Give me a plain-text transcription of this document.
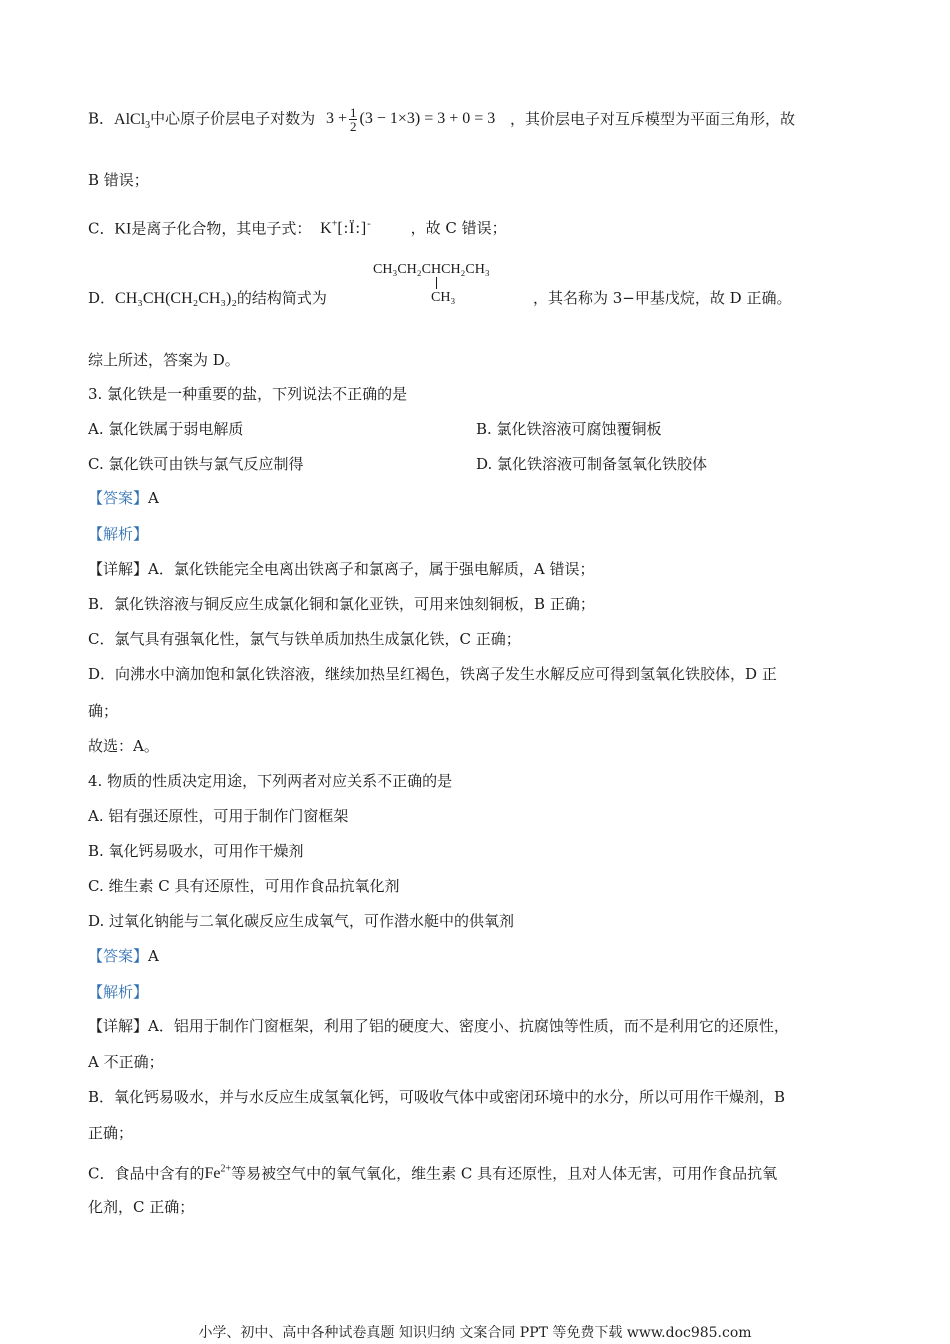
B．AlCl$_3$中心原子价层电子对数为 $3 + \frac{1}{2} (3 - 1\times 3) = 3 + 0 = 3$ ，其价层电子对互斥模型为平面三角形，故
B 错误；
C．KI是离子化合物，其电子式： K+[:Ï:]-	，故 C 错误；
D．CH₃CH(CH₂CH₃)₂的结构简式为
CH₃CH₂CHCH₂CH₃
CH₃	，其名称为 3−甲基戊烷，故 D 正确。
综上所述，答案为 D。
3. 氯化铁是一种重要的盐，下列说法不正确的是
A. 氯化铁属于弱电解质	B. 氯化铁溶液可腐蚀覆铜板
C. 氯化铁可由铁与氯气反应制得	D. 氯化铁溶液可制备氢氧化铁胶体
【答案】A
【解析】
【详解】A．氯化铁能完全电离出铁离子和氯离子，属于强电解质，A 错误；
B．氯化铁溶液与铜反应生成氯化铜和氯化亚铁，可用来蚀刻铜板，B 正确；
C．氯气具有强氧化性，氯气与铁单质加热生成氯化铁，C 正确；
D．向沸水中滴加饱和氯化铁溶液，继续加热呈红褐色，铁离子发生水解反应可得到氢氧化铁胶体，D 正
确；
故选：A。
4. 物质的性质决定用途，下列两者对应关系不正确的是
A. 铝有强还原性，可用于制作门窗框架
B. 氧化钙易吸水，可用作干燥剂
C. 维生素 C 具有还原性，可用作食品抗氧化剂
D. 过氧化钠能与二氧化碳反应生成氧气，可作潜水艇中的供氧剂
【答案】A
【解析】
【详解】A．铝用于制作门窗框架，利用了铝的硬度大、密度小、抗腐蚀等性质，而不是利用它的还原性，
A 不正确；
B．氧化钙易吸水，并与水反应生成氢氧化钙，可吸收气体中或密闭环境中的水分，所以可用作干燥剂，B
正确；
C．食品中含有的$Fe^{2+}$等易被空气中的氧气氧化，维生素 C 具有还原性，且对人体无害，可用作食品抗氧
化剂，C 正确；
小学、初中、高中各种试卷真题 知识归纳 文案合同 PPT 等免费下载 www.doc985.com
